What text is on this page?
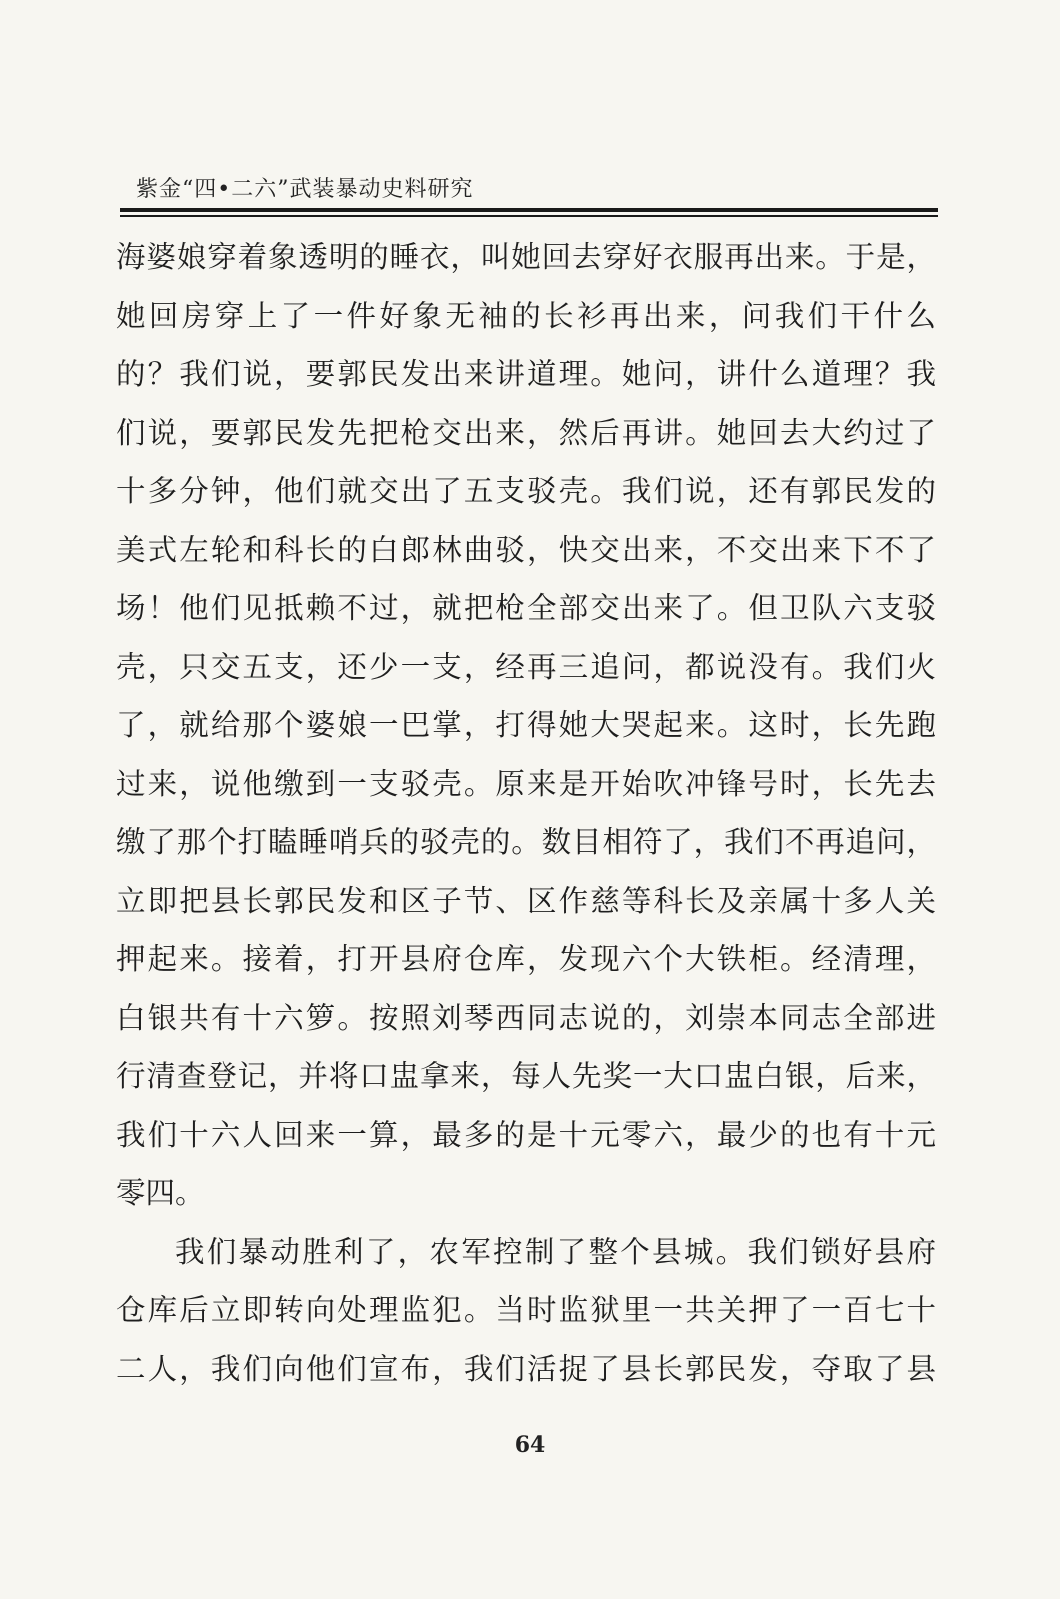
紫金“四•二六”武装暴动史料研究
海婆娘穿着象透明的睡衣，叫她回去穿好衣服再出来。于是，
她回房穿上了一件好象无袖的长衫再出来，问我们干什么
的？我们说，要郭民发出来讲道理。她问，讲什么道理？我
们说，要郭民发先把枪交出来，然后再讲。她回去大约过了
十多分钟，他们就交出了五支驳壳。我们说，还有郭民发的
美式左轮和科长的白郎林曲驳，快交出来，不交出来下不了
场！他们见抵赖不过，就把枪全部交出来了。但卫队六支驳
壳，只交五支，还少一支，经再三追问，都说没有。我们火
了，就给那个婆娘一巴掌，打得她大哭起来。这时，长先跑
过来，说他缴到一支驳壳。原来是开始吹冲锋号时，长先去
缴了那个打瞌睡哨兵的驳壳的。数目相符了，我们不再追问，
立即把县长郭民发和区子节、区作慈等科长及亲属十多人关
押起来。接着，打开县府仓库，发现六个大铁柜。经清理，
白银共有十六箩。按照刘琴西同志说的，刘崇本同志全部进
行清查登记，并将口盅拿来，每人先奖一大口盅白银，后来，
我们十六人回来一算，最多的是十元零六，最少的也有十元
零四。
我们暴动胜利了，农军控制了整个县城。我们锁好县府
仓库后立即转向处理监犯。当时监狱里一共关押了一百七十
二人，我们向他们宣布，我们活捉了县长郭民发，夺取了县
64
